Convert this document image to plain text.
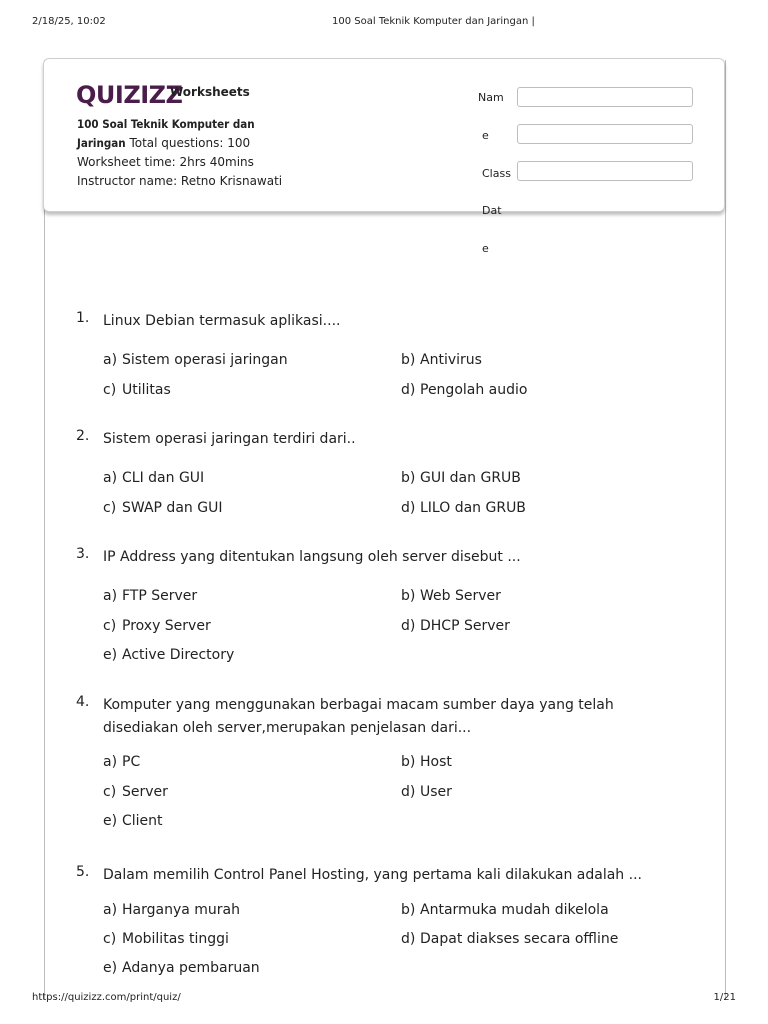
2/18/25, 10:02	100 Soal Teknik Komputer dan Jaringan |
QUIZIZZ
Worksheets
100 Soal Teknik Komputer dan
Jaringan Total questions: 100
Worksheet time: 2hrs 40mins
Instructor name: Retno Krisnawati
Nam
e
Class
Dat
e
1. Linux Debian termasuk aplikasi....
a) Sistem operasi jaringan	b) Antivirus
c) Utilitas	d) Pengolah audio
2. Sistem operasi jaringan terdiri dari..
a) CLI dan GUI	b) GUI dan GRUB
c) SWAP dan GUI	d) LILO dan GRUB
3. IP Address yang ditentukan langsung oleh server disebut ...
a) FTP Server	b) Web Server
c) Proxy Server	d) DHCP Server
e) Active Directory
4. Komputer yang menggunakan berbagai macam sumber daya yang telah
disediakan oleh server,merupakan penjelasan dari...
a) PC	b) Host
c) Server	d) User
e) Client
5. Dalam memilih Control Panel Hosting, yang pertama kali dilakukan adalah ...
a) Harganya murah	b) Antarmuka mudah dikelola
c) Mobilitas tinggi	d) Dapat diakses secara offline
e) Adanya pembaruan
https://quizizz.com/print/quiz/	1/21
